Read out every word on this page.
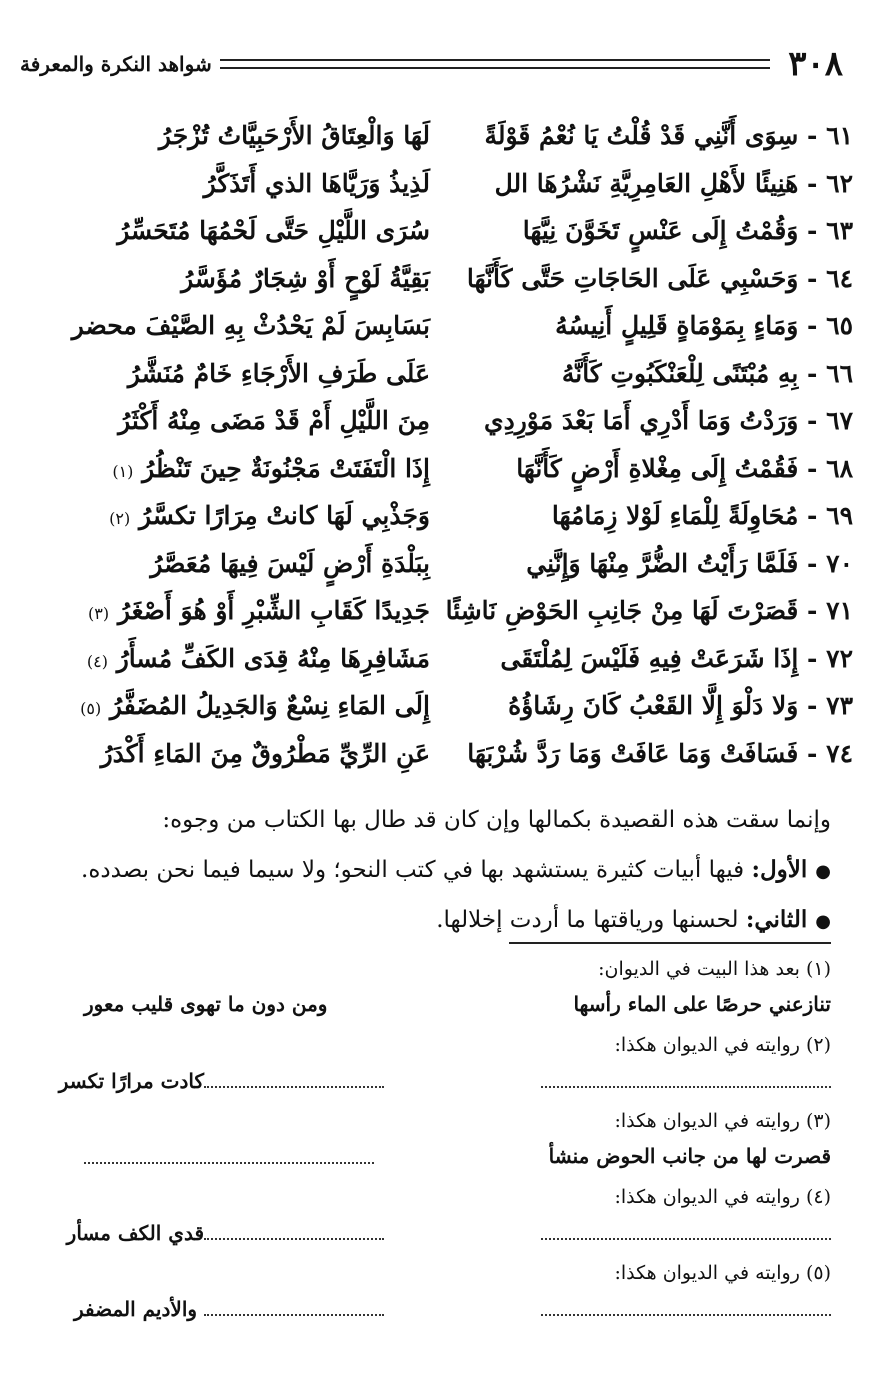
٣٠٨
شواهد النكرة والمعرفة
٦١ - سِوَى أَنَّنِي قَدْ قُلْتُ يَا نُعْمُ قَوْلَةً
لَهَا وَالْعِتَاقُ الأَرْحَبِيَّاتُ تُزْجَرُ
٦٢ - هَنِيئًا لأَهْلِ العَامِرِيَّةِ نَشْرُهَا الل
لَذِيذُ وَرَيَّاهَا الذي أَتَذَكَّرُ
٦٣ - وَقُمْتُ إِلَى عَنْسٍ تَخَوَّنَ نِيَّهَا
سُرَى اللَّيْلِ حَتَّى لَحْمُهَا مُتَحَسِّرُ
٦٤ - وَحَسْبِي عَلَى الحَاجَاتِ حَتَّى كَأَنَّهَا
بَقِيَّةُ لَوْحٍ أَوْ شِجَارٌ مُؤَسَّرُ
٦٥ - وَمَاءٍ بِمَوْمَاةٍ قَلِيلٍ أَنِيسُهُ
بَسَابِسَ لَمْ يَحْدُثْ بِهِ الصَّيْفَ محضر
٦٦ - بِهِ مُبْتَنًى لِلْعَنْكَبُوتِ كَأَنَّهُ
عَلَى طَرَفِ الأَرْجَاءِ خَامٌ مُنَشَّرُ
٦٧ - وَرَدْتُ وَمَا أَدْرِي أَمَا بَعْدَ مَوْرِدِي
مِنَ اللَّيْلِ أَمْ قَدْ مَضَى مِنْهُ أَكْثَرُ
٦٨ - فَقُمْتُ إِلَى مِغْلاةِ أَرْضٍ كَأَنَّهَا
إِذَا الْتَفَتَتْ مَجْنُونَةٌ حِينَ تَنْظُرُ (١)
٦٩ - مُحَاوِلَةً لِلْمَاءِ لَوْلا زِمَامُهَا
وَجَذْبِي لَهَا كانتْ مِرَارًا تكسَّرُ (٢)
٧٠ - فَلَمَّا رَأَيْتُ الضُّرَّ مِنْهَا وَإِنَّنِي
بِبَلْدَةِ أَرْضٍ لَيْسَ فِيهَا مُعَصَّرُ
٧١ - قَصَرْتَ لَهَا مِنْ جَانِبِ الحَوْضِ نَاشِئًا
جَدِيدًا كَقَابِ الشِّبْرِ أَوْ هُوَ أَصْغَرُ (٣)
٧٢ - إِذَا شَرَعَتْ فِيهِ فَلَيْسَ لِمُلْتَقَى
مَشَافِرِهَا مِنْهُ قِدَى الكَفِّ مُسأَرُ (٤)
٧٣ - وَلا دَلْوَ إِلَّا القَعْبُ كَانَ رِشَاؤُهُ
إِلَى المَاءِ نِسْعٌ وَالجَدِيلُ المُضَفَّرُ (٥)
٧٤ - فَسَافَتْ وَمَا عَافَتْ وَمَا رَدَّ شُرْبَهَا
عَنِ الرِّيِّ مَطْرُوقٌ مِنَ المَاءِ أَكْدَرُ

وإنما سقت هذه القصيدة بكمالها وإن كان قد طال بها الكتاب من وجوه:

●الأول: فيها أبيات كثيرة يستشهد بها في كتب النحو؛ ولا سيما فيما نحن بصدده.

●الثاني: لحسنها ورياقتها ما أردت إخلالها.

(١) بعد هذا البيت في الديوان:
تنازعني حرصًا على الماء رأسها
ومن دون ما تهوى قليب معور
(٢) روايته في الديوان هكذا:
كادت مرارًا تكسر
(٣) روايته في الديوان هكذا:
قصرت لها من جانب الحوض منشأ
(٤) روايته في الديوان هكذا:
قدي الكف مسأر
(٥) روايته في الديوان هكذا:
والأديم المضفر
